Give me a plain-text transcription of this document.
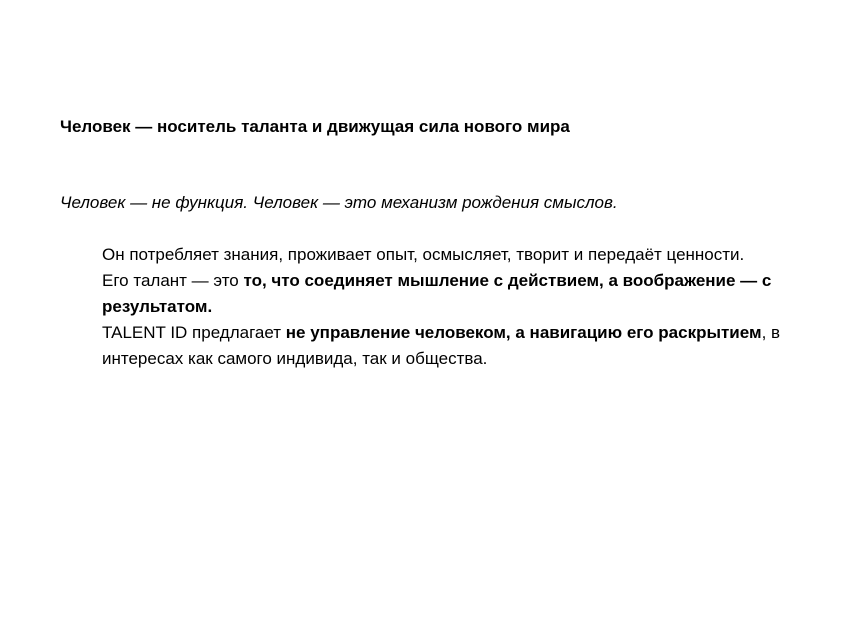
Человек — носитель таланта и движущая сила нового мира
Человек — не функция. Человек — это механизм рождения смыслов.

Он потребляет знания, проживает опыт, осмысляет, творит и передаёт ценности.

Его талант — это то, что соединяет мышление с действием, а воображение — с результатом.

TALENT ID предлагает не управление человеком, а навигацию его раскрытием, в интересах как самого индивида, так и общества.
